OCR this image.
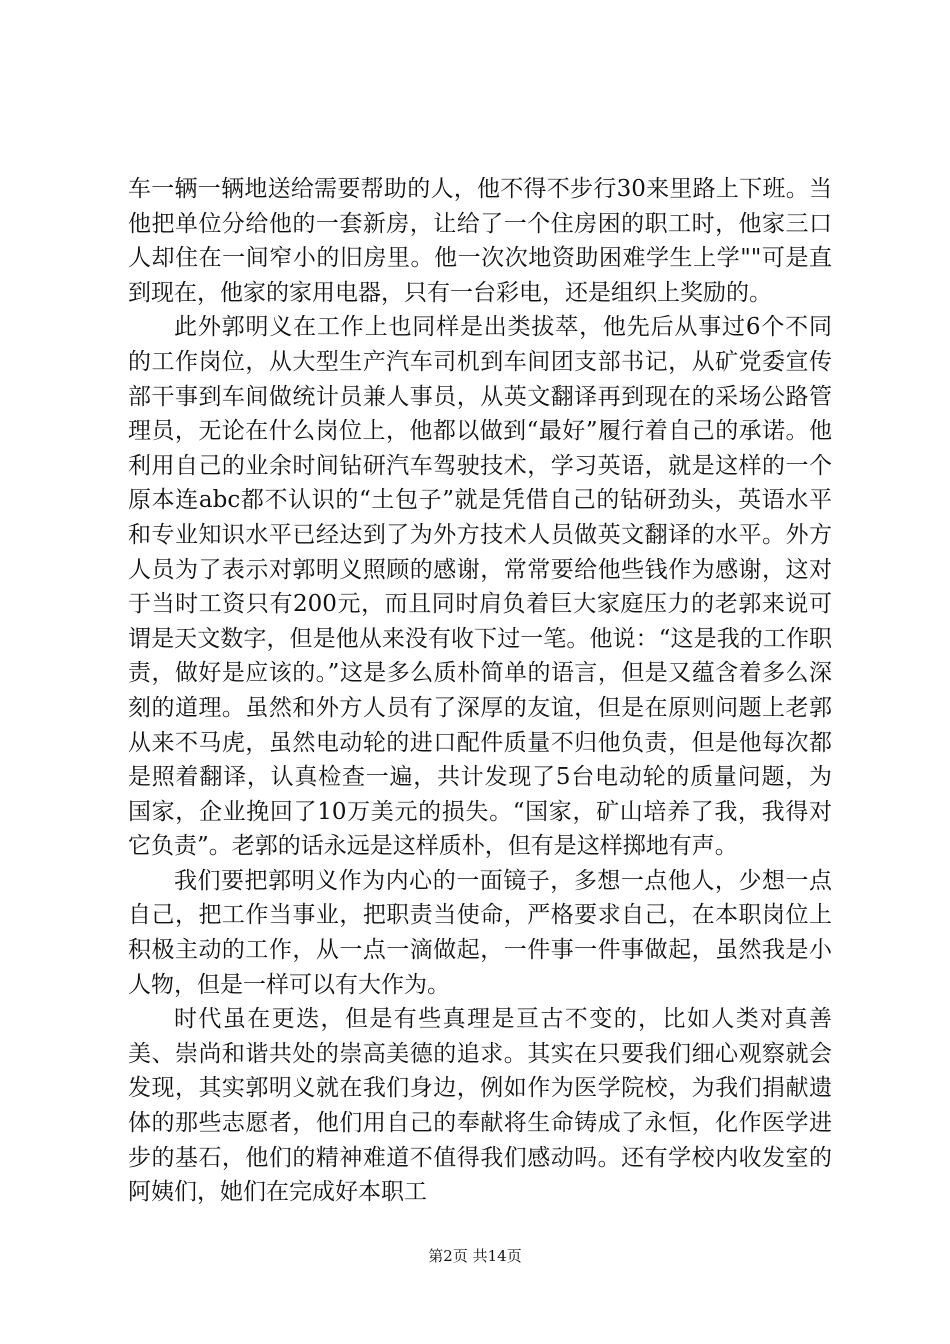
车一辆一辆地送给需要帮助的人，他不得不步行30来里路上下班。当他把单位分给他的一套新房，让给了一个住房困的职工时，他家三口人却住在一间窄小的旧房里。他一次次地资助困难学生上学""可是直到现在，他家的家用电器，只有一台彩电，还是组织上奖励的。

此外郭明义在工作上也同样是出类拔萃，他先后从事过6个不同的工作岗位，从大型生产汽车司机到车间团支部书记，从矿党委宣传部干事到车间做统计员兼人事员，从英文翻译再到现在的采场公路管理员，无论在什么岗位上，他都以做到“最好”履行着自己的承诺。他利用自己的业余时间钻研汽车驾驶技术，学习英语，就是这样的一个原本连abc都不认识的“土包子”就是凭借自己的钻研劲头，英语水平和专业知识水平已经达到了为外方技术人员做英文翻译的水平。外方人员为了表示对郭明义照顾的感谢，常常要给他些钱作为感谢，这对于当时工资只有200元，而且同时肩负着巨大家庭压力的老郭来说可谓是天文数字，但是他从来没有收下过一笔。他说：“这是我的工作职责，做好是应该的。”这是多么质朴简单的语言，但是又蕴含着多么深刻的道理。虽然和外方人员有了深厚的友谊，但是在原则问题上老郭从来不马虎，虽然电动轮的进口配件质量不归他负责，但是他每次都是照着翻译，认真检查一遍，共计发现了5台电动轮的质量问题，为国家，企业挽回了10万美元的损失。“国家，矿山培养了我，我得对它负责”。老郭的话永远是这样质朴，但有是这样掷地有声。

我们要把郭明义作为内心的一面镜子，多想一点他人，少想一点自己，把工作当事业，把职责当使命，严格要求自己，在本职岗位上积极主动的工作，从一点一滴做起，一件事一件事做起，虽然我是小人物，但是一样可以有大作为。

时代虽在更迭，但是有些真理是亘古不变的，比如人类对真善美、崇尚和谐共处的崇高美德的追求。其实在只要我们细心观察就会发现，其实郭明义就在我们身边，例如作为医学院校，为我们捐献遗体的那些志愿者，他们用自己的奉献将生命铸成了永恒，化作医学进步的基石，他们的精神难道不值得我们感动吗。还有学校内收发室的阿姨们，她们在完成好本职工

第2页 共14页
